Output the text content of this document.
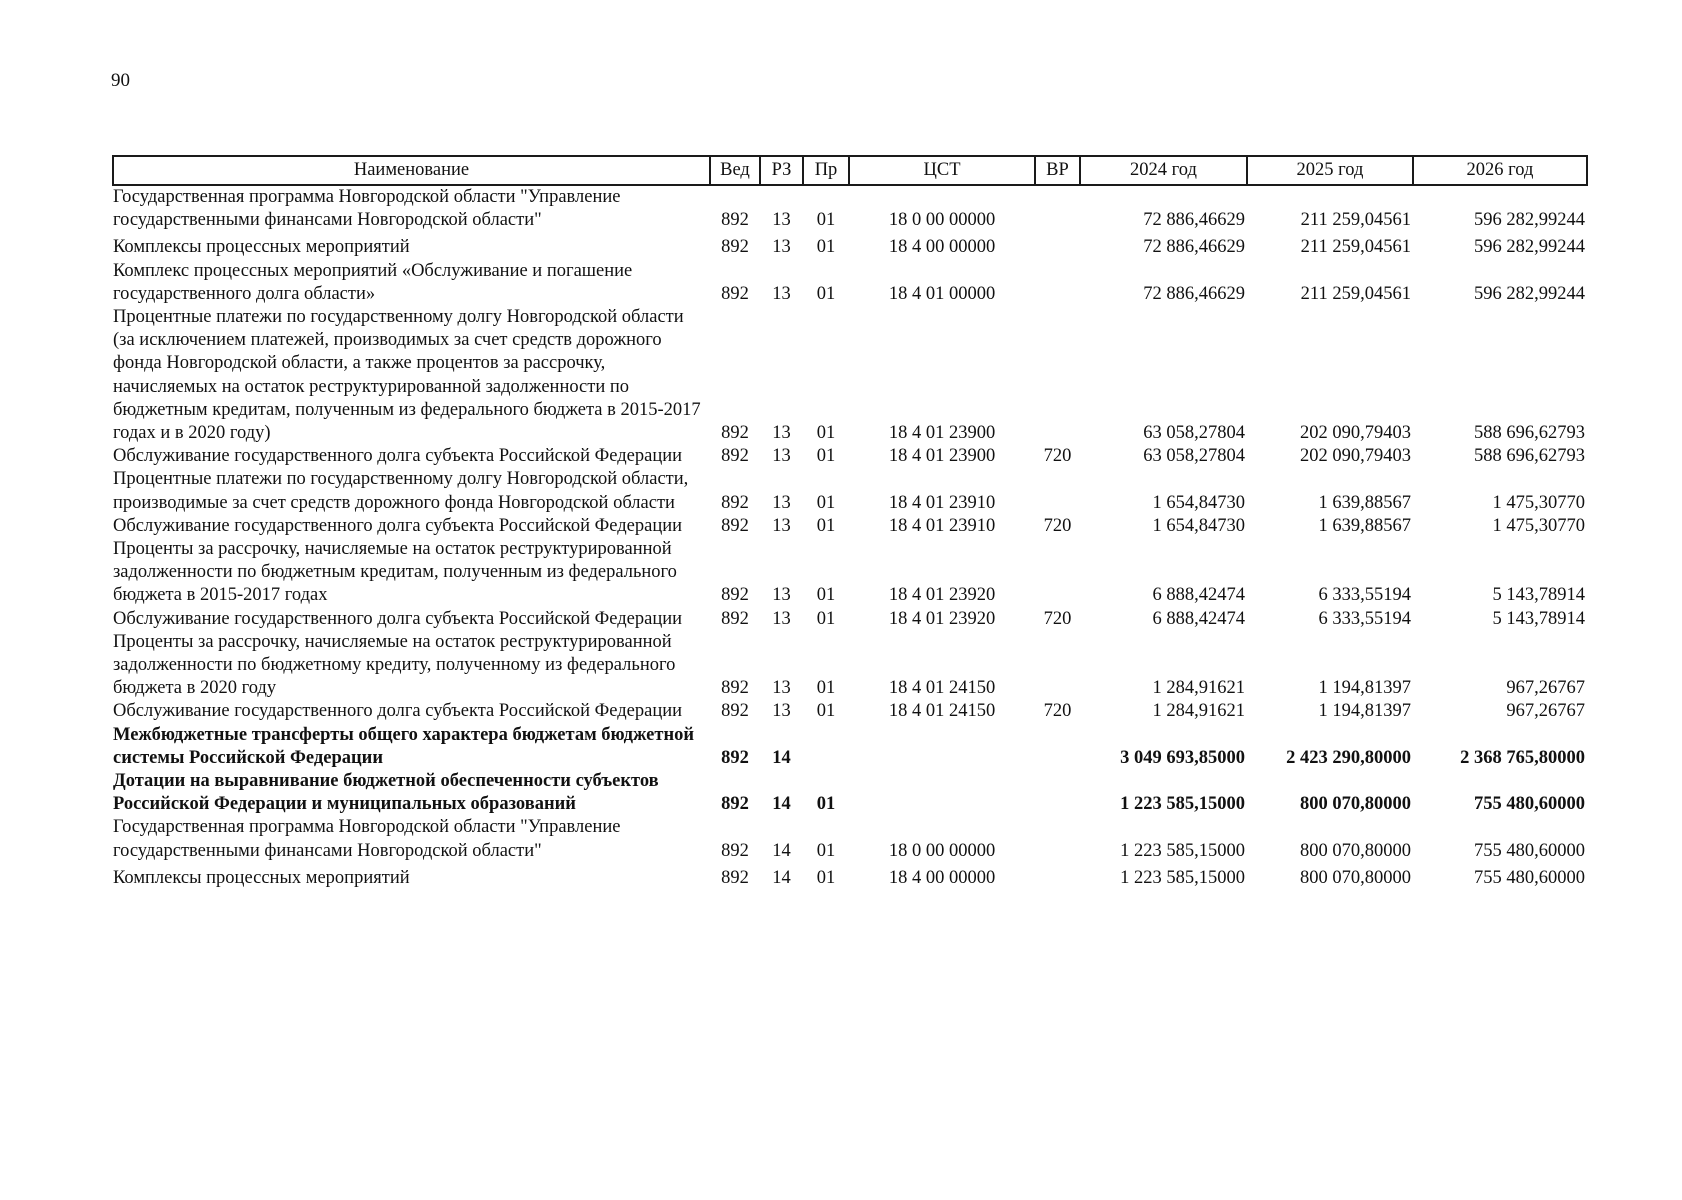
90
Наименование	Вед	РЗ	Пр	ЦСТ	ВР	2024 год	2025 год	2026 год
Государственная программа Новгородской области "Управление государственными финансами Новгородской области"	892	13	01	18 0 00 00000		72 886,46629	211 259,04561	596 282,99244
Комплексы процессных мероприятий	892	13	01	18 4 00 00000		72 886,46629	211 259,04561	596 282,99244
Комплекс процессных мероприятий «Обслуживание и погашение государственного долга области»	892	13	01	18 4 01 00000		72 886,46629	211 259,04561	596 282,99244
Процентные платежи по государственному долгу Новгородской области (за исключением платежей, производимых за счет средств дорожного фонда Новгородской области, а также процентов за рассрочку, начисляемых на остаток реструктурированной задолженности по бюджетным кредитам, полученным из федерального бюджета в 2015-2017 годах и в 2020 году)	892	13	01	18 4 01 23900		63 058,27804	202 090,79403	588 696,62793
Обслуживание государственного долга субъекта Российской Федерации	892	13	01	18 4 01 23900	720	63 058,27804	202 090,79403	588 696,62793
Процентные платежи по государственному долгу Новгородской области, производимые за счет средств дорожного фонда Новгородской области	892	13	01	18 4 01 23910		1 654,84730	1 639,88567	1 475,30770
Обслуживание государственного долга субъекта Российской Федерации	892	13	01	18 4 01 23910	720	1 654,84730	1 639,88567	1 475,30770
Проценты за рассрочку, начисляемые на остаток реструктурированной задолженности по бюджетным кредитам, полученным из федерального бюджета в 2015-2017 годах	892	13	01	18 4 01 23920		6 888,42474	6 333,55194	5 143,78914
Обслуживание государственного долга субъекта Российской Федерации	892	13	01	18 4 01 23920	720	6 888,42474	6 333,55194	5 143,78914
Проценты за рассрочку, начисляемые на остаток реструктурированной задолженности по бюджетному кредиту, полученному из федерального бюджета в 2020 году	892	13	01	18 4 01 24150		1 284,91621	1 194,81397	967,26767
Обслуживание государственного долга субъекта Российской Федерации	892	13	01	18 4 01 24150	720	1 284,91621	1 194,81397	967,26767
Межбюджетные трансферты общего характера бюджетам бюджетной системы Российской Федерации	892	14				3 049 693,85000	2 423 290,80000	2 368 765,80000
Дотации на выравнивание бюджетной обеспеченности субъектов Российской Федерации и муниципальных образований	892	14	01			1 223 585,15000	800 070,80000	755 480,60000
Государственная программа Новгородской области "Управление государственными финансами Новгородской области"	892	14	01	18 0 00 00000		1 223 585,15000	800 070,80000	755 480,60000
Комплексы процессных мероприятий	892	14	01	18 4 00 00000		1 223 585,15000	800 070,80000	755 480,60000
